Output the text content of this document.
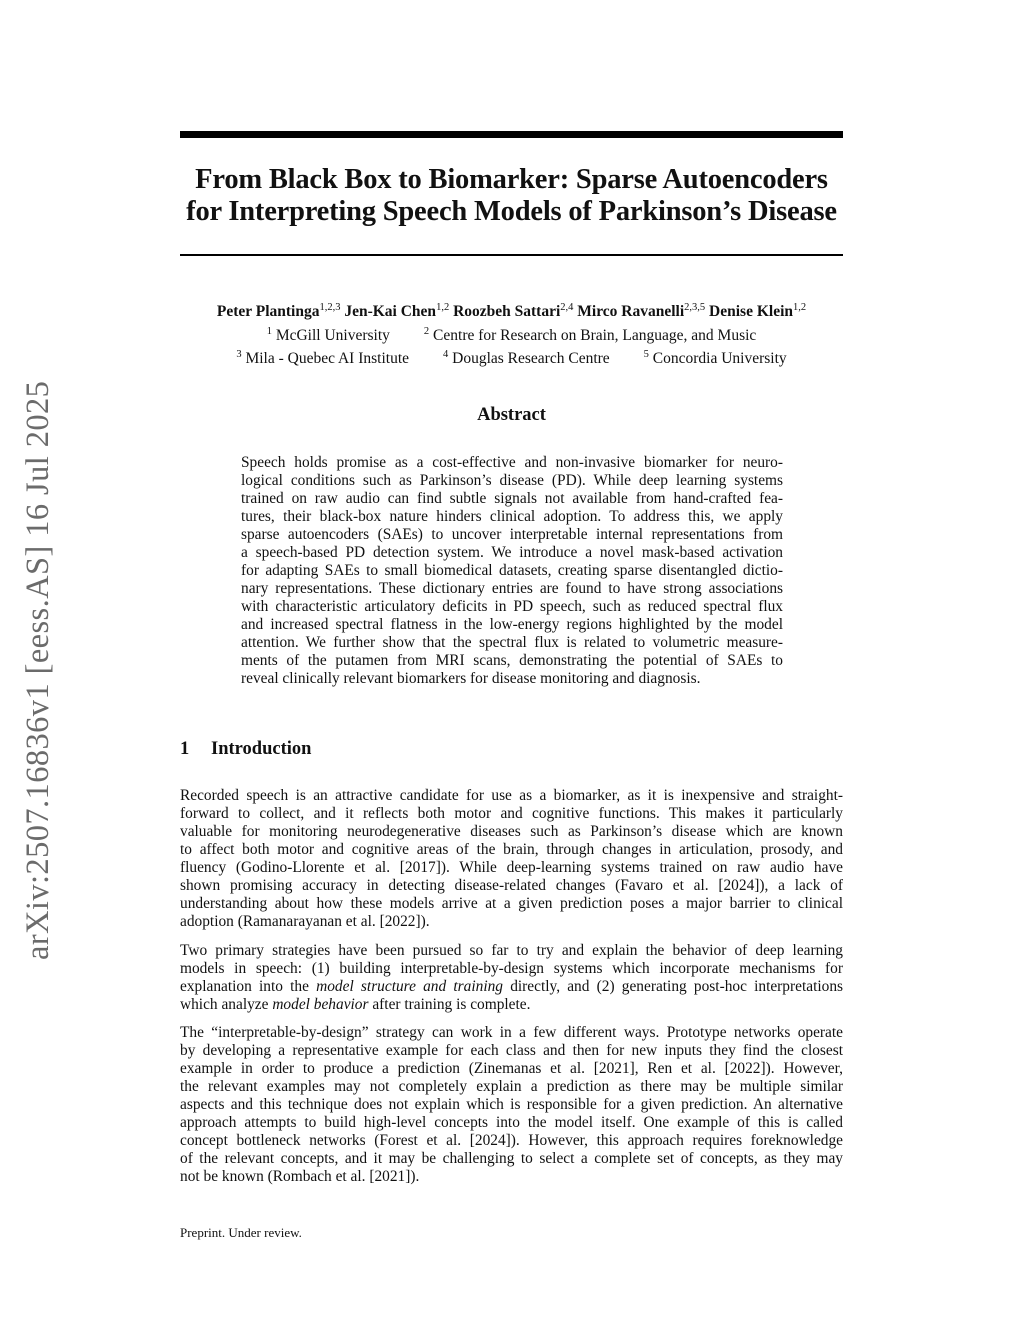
arXiv:2507.16836v1 [eess.AS] 16 Jul 2025
From Black Box to Biomarker: Sparse Autoencoders
for Interpreting Speech Models of Parkinson’s Disease
Peter Plantinga$^{1,2,3}$ Jen-Kai Chen$^{1,2}$ Roozbeh Sattari$^{2,4}$ Mirco Ravanelli$^{2,3,5}$ Denise Klein$^{1,2}$
$^1$ McGill University	$^2$ Centre for Research on Brain, Language, and Music
$^3$ Mila - Quebec AI Institute	$^4$ Douglas Research Centre	$^5$ Concordia University
Abstract
Speech holds promise as a cost-effective and non-invasive biomarker for neuro-
logical conditions such as Parkinson’s disease (PD). While deep learning systems
trained on raw audio can find subtle signals not available from hand-crafted fea-
tures, their black-box nature hinders clinical adoption. To address this, we apply
sparse autoencoders (SAEs) to uncover interpretable internal representations from
a speech-based PD detection system. We introduce a novel mask-based activation
for adapting SAEs to small biomedical datasets, creating sparse disentangled dictio-
nary representations. These dictionary entries are found to have strong associations
with characteristic articulatory deficits in PD speech, such as reduced spectral flux
and increased spectral flatness in the low-energy regions highlighted by the model
attention. We further show that the spectral flux is related to volumetric measure-
ments of the putamen from MRI scans, demonstrating the potential of SAEs to
reveal clinically relevant biomarkers for disease monitoring and diagnosis.
1 Introduction
Recorded speech is an attractive candidate for use as a biomarker, as it is inexpensive and straight-
forward to collect, and it reflects both motor and cognitive functions. This makes it particularly
valuable for monitoring neurodegenerative diseases such as Parkinson’s disease which are known
to affect both motor and cognitive areas of the brain, through changes in articulation, prosody, and
fluency (Godino-Llorente et al. [2017]). While deep-learning systems trained on raw audio have
shown promising accuracy in detecting disease-related changes (Favaro et al. [2024]), a lack of
understanding about how these models arrive at a given prediction poses a major barrier to clinical
adoption (Ramanarayanan et al. [2022]).
Two primary strategies have been pursued so far to try and explain the behavior of deep learning
models in speech: (1) building interpretable-by-design systems which incorporate mechanisms for
explanation into the model structure and training directly, and (2) generating post-hoc interpretations
which analyze model behavior after training is complete.
The “interpretable-by-design” strategy can work in a few different ways. Prototype networks operate
by developing a representative example for each class and then for new inputs they find the closest
example in order to produce a prediction (Zinemanas et al. [2021], Ren et al. [2022]). However,
the relevant examples may not completely explain a prediction as there may be multiple similar
aspects and this technique does not explain which is responsible for a given prediction. An alternative
approach attempts to build high-level concepts into the model itself. One example of this is called
concept bottleneck networks (Forest et al. [2024]). However, this approach requires foreknowledge
of the relevant concepts, and it may be challenging to select a complete set of concepts, as they may
not be known (Rombach et al. [2021]).
Preprint. Under review.
